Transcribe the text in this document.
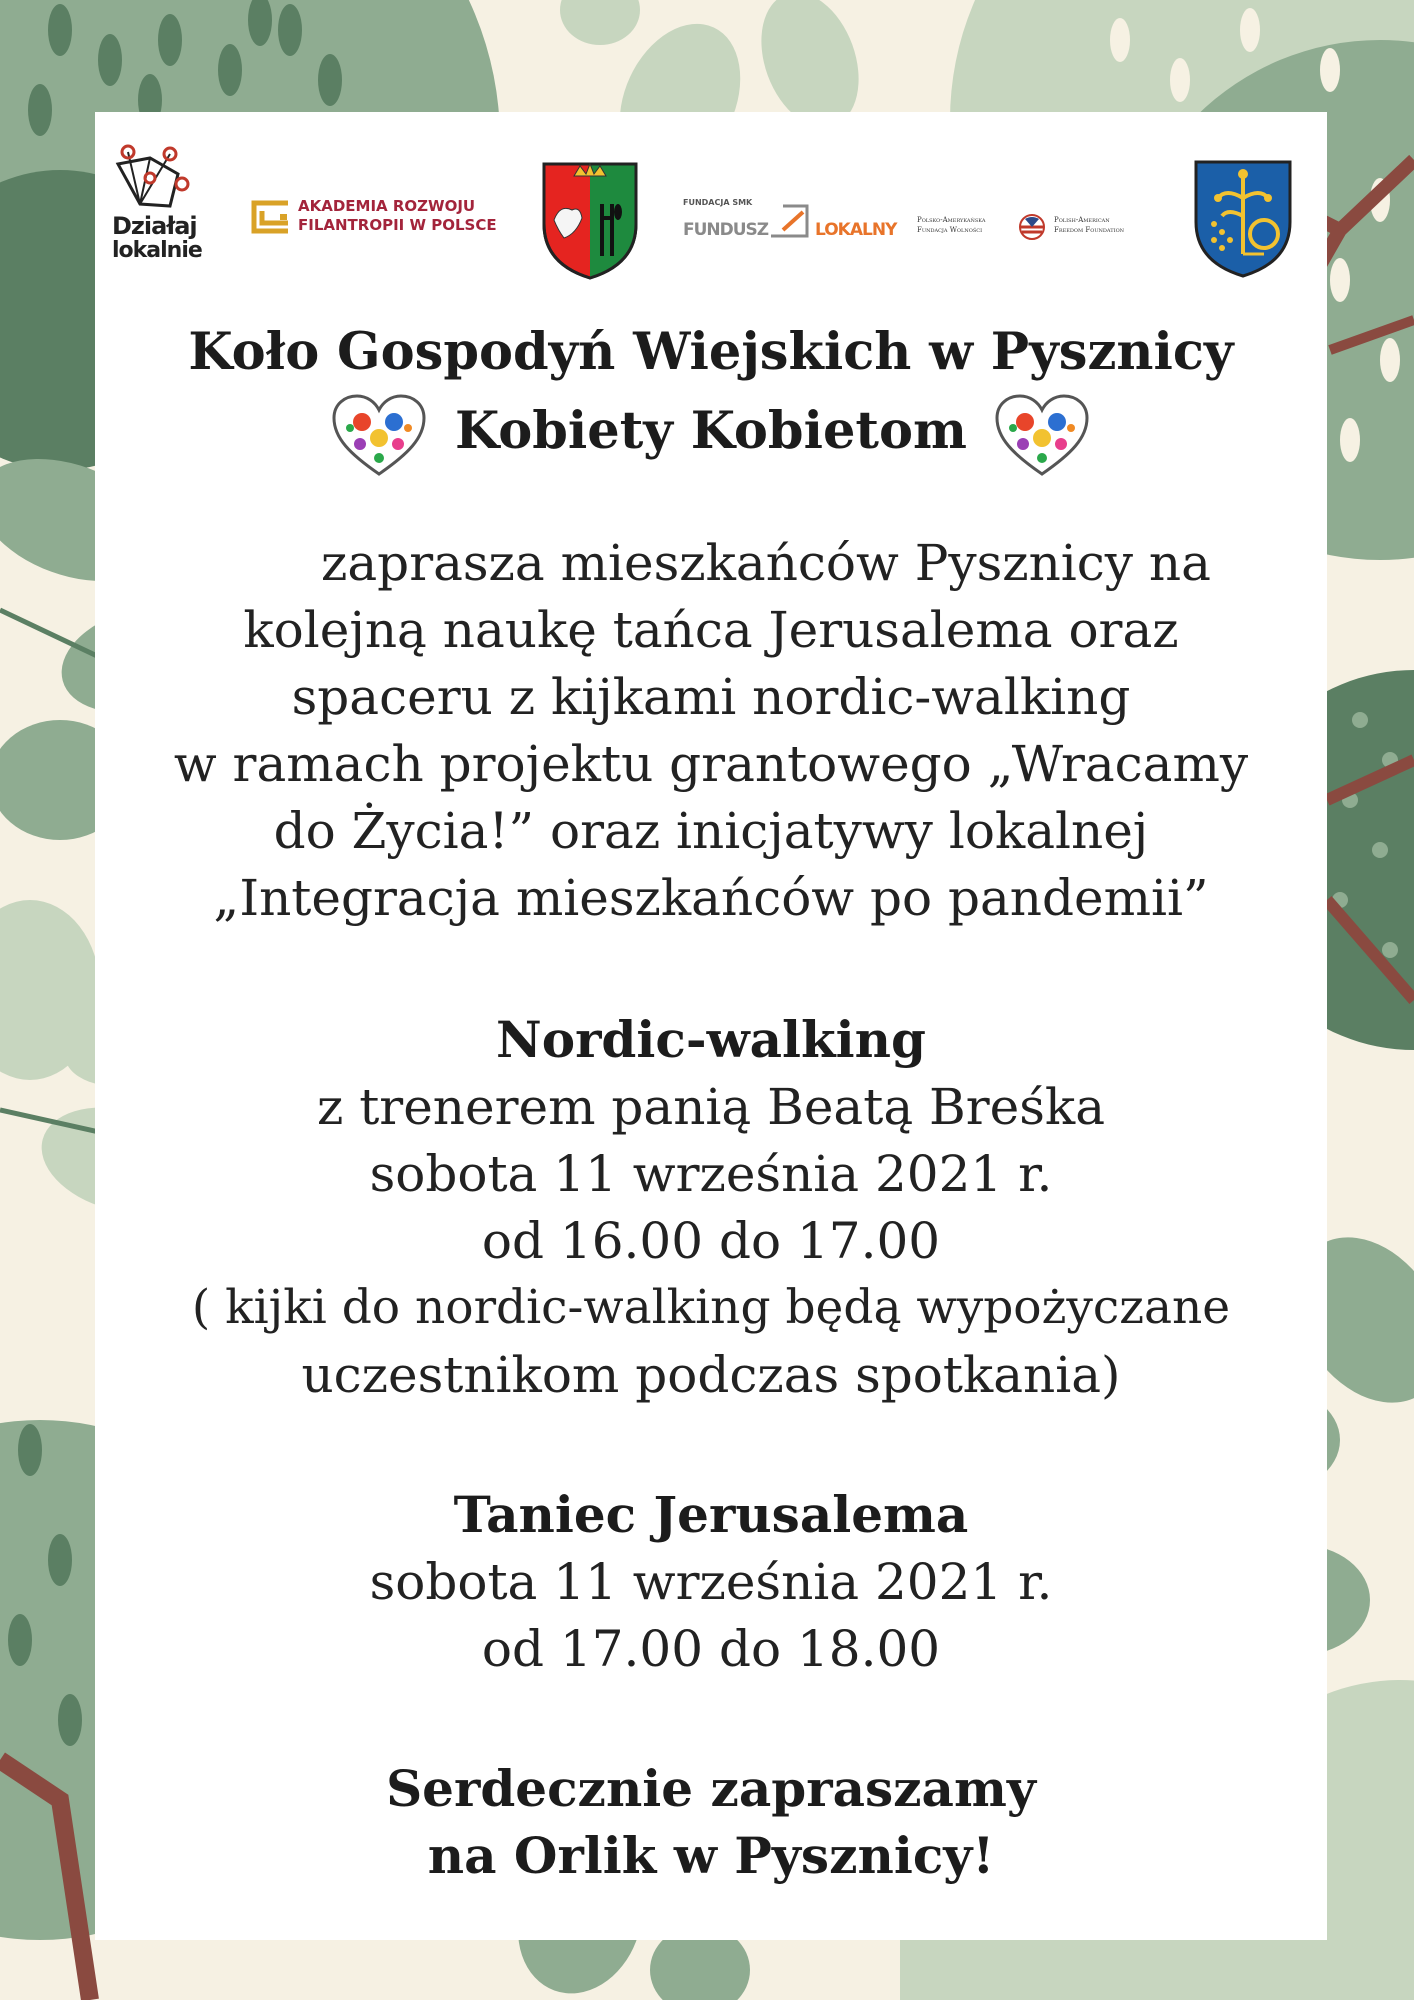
Działaj
lokalnie
AKADEMIA ROZWOJU
FILANTROPII W POLSCE
FUNDACJA SMK
FUNDUSZ	LOKALNY	Polsko-Amerykańska
Fundacja Wolności
Polish-American
Freedom Foundation
Koło Gospodyń Wiejskich w Pysznicy
Kobiety Kobietom
zaprasza mieszkańców Pysznicy na
kolejną naukę tańca Jerusalema oraz
spaceru z kijkami nordic-walking
w ramach projektu grantowego „Wracamy
do Życia!” oraz inicjatywy lokalnej
„Integracja mieszkańców po pandemii”
Nordic-walking
z trenerem panią Beatą Breśka
sobota 11 września 2021 r.
od 16.00 do 17.00
( kijki do nordic-walking będą wypożyczane
uczestnikom podczas spotkania)
Taniec Jerusalema
sobota 11 września 2021 r.
od 17.00 do 18.00
Serdecznie zapraszamy
na Orlik w Pysznicy!
